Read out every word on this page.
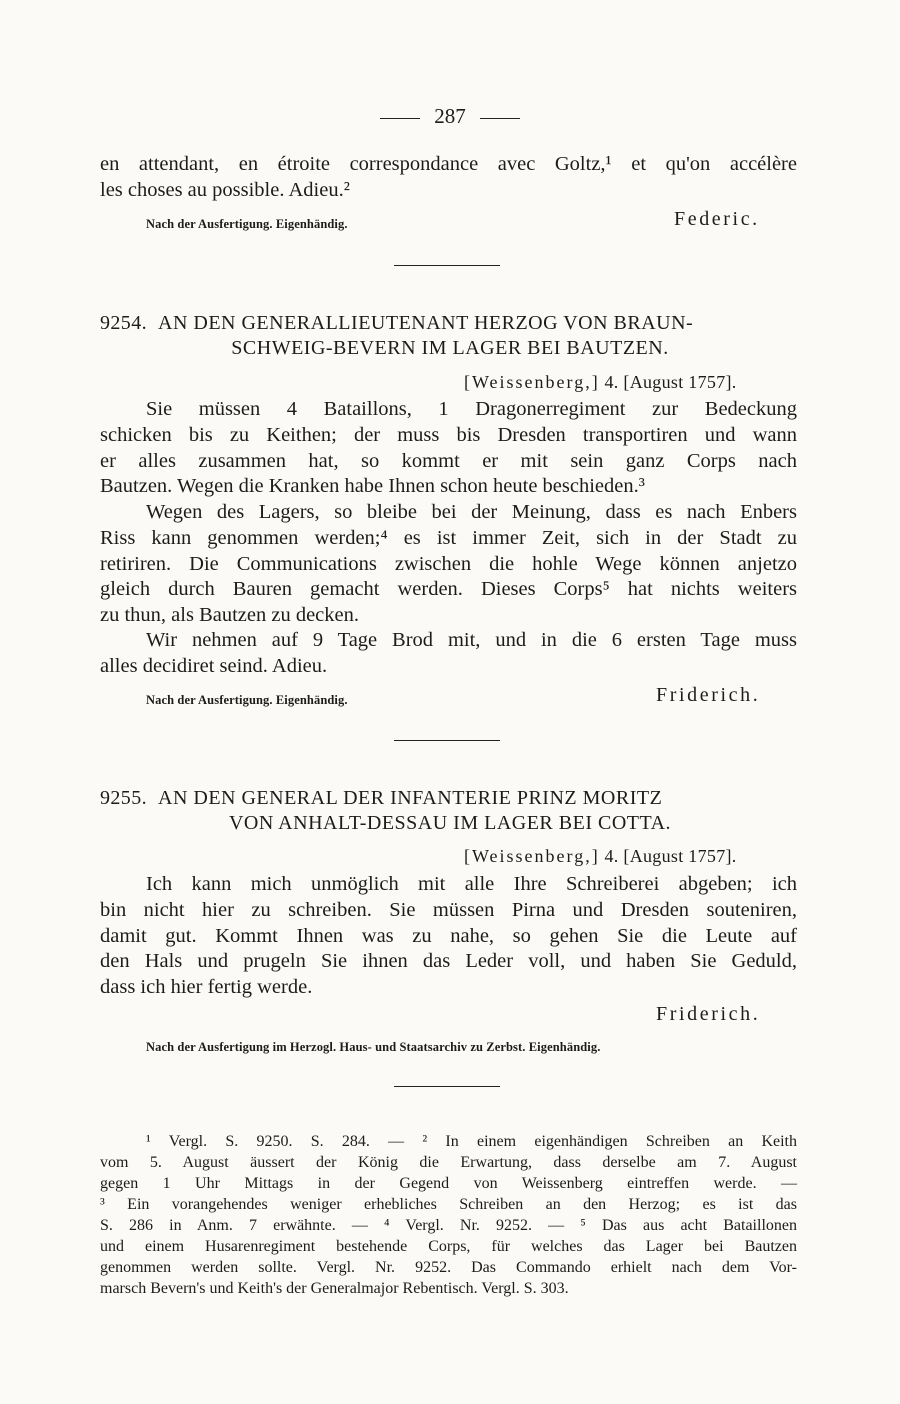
287
en attendant, en étroite correspondance avec Goltz,¹ et qu'on accélère
les choses au possible. Adieu.²
Nach der Ausfertigung. Eigenhändig.	Federic.
9254. AN DEN GENERALLIEUTENANT HERZOG VON BRAUN-
SCHWEIG-BEVERN IM LAGER BEI BAUTZEN.
[Weissenberg,] 4. [August 1757].
Sie müssen 4 Bataillons, 1 Dragonerregiment zur Bedeckung
schicken bis zu Keithen; der muss bis Dresden transportiren und wann
er alles zusammen hat, so kommt er mit sein ganz Corps nach
Bautzen. Wegen die Kranken habe Ihnen schon heute beschieden.³
Wegen des Lagers, so bleibe bei der Meinung, dass es nach Enbers
Riss kann genommen werden;⁴ es ist immer Zeit, sich in der Stadt zu
retiriren. Die Communications zwischen die hohle Wege können anjetzo
gleich durch Bauren gemacht werden. Dieses Corps⁵ hat nichts weiters
zu thun, als Bautzen zu decken.
Wir nehmen auf 9 Tage Brod mit, und in die 6 ersten Tage muss
alles decidiret seind. Adieu.
Nach der Ausfertigung. Eigenhändig.	Friderich.
9255. AN DEN GENERAL DER INFANTERIE PRINZ MORITZ
VON ANHALT-DESSAU IM LAGER BEI COTTA.
[Weissenberg,] 4. [August 1757].
Ich kann mich unmöglich mit alle Ihre Schreiberei abgeben; ich
bin nicht hier zu schreiben. Sie müssen Pirna und Dresden souteniren,
damit gut. Kommt Ihnen was zu nahe, so gehen Sie die Leute auf
den Hals und prugeln Sie ihnen das Leder voll, und haben Sie Geduld,
dass ich hier fertig werde.
Friderich.
Nach der Ausfertigung im Herzogl. Haus- und Staatsarchiv zu Zerbst. Eigenhändig.
¹ Vergl. S. 9250. S. 284. — ² In einem eigenhändigen Schreiben an Keith
vom 5. August äussert der König die Erwartung, dass derselbe am 7. August
gegen 1 Uhr Mittags in der Gegend von Weissenberg eintreffen werde. —
³ Ein vorangehendes weniger erhebliches Schreiben an den Herzog; es ist das
S. 286 in Anm. 7 erwähnte. — ⁴ Vergl. Nr. 9252. — ⁵ Das aus acht Bataillonen
und einem Husarenregiment bestehende Corps, für welches das Lager bei Bautzen
genommen werden sollte. Vergl. Nr. 9252. Das Commando erhielt nach dem Vor-
marsch Bevern's und Keith's der Generalmajor Rebentisch. Vergl. S. 303.
